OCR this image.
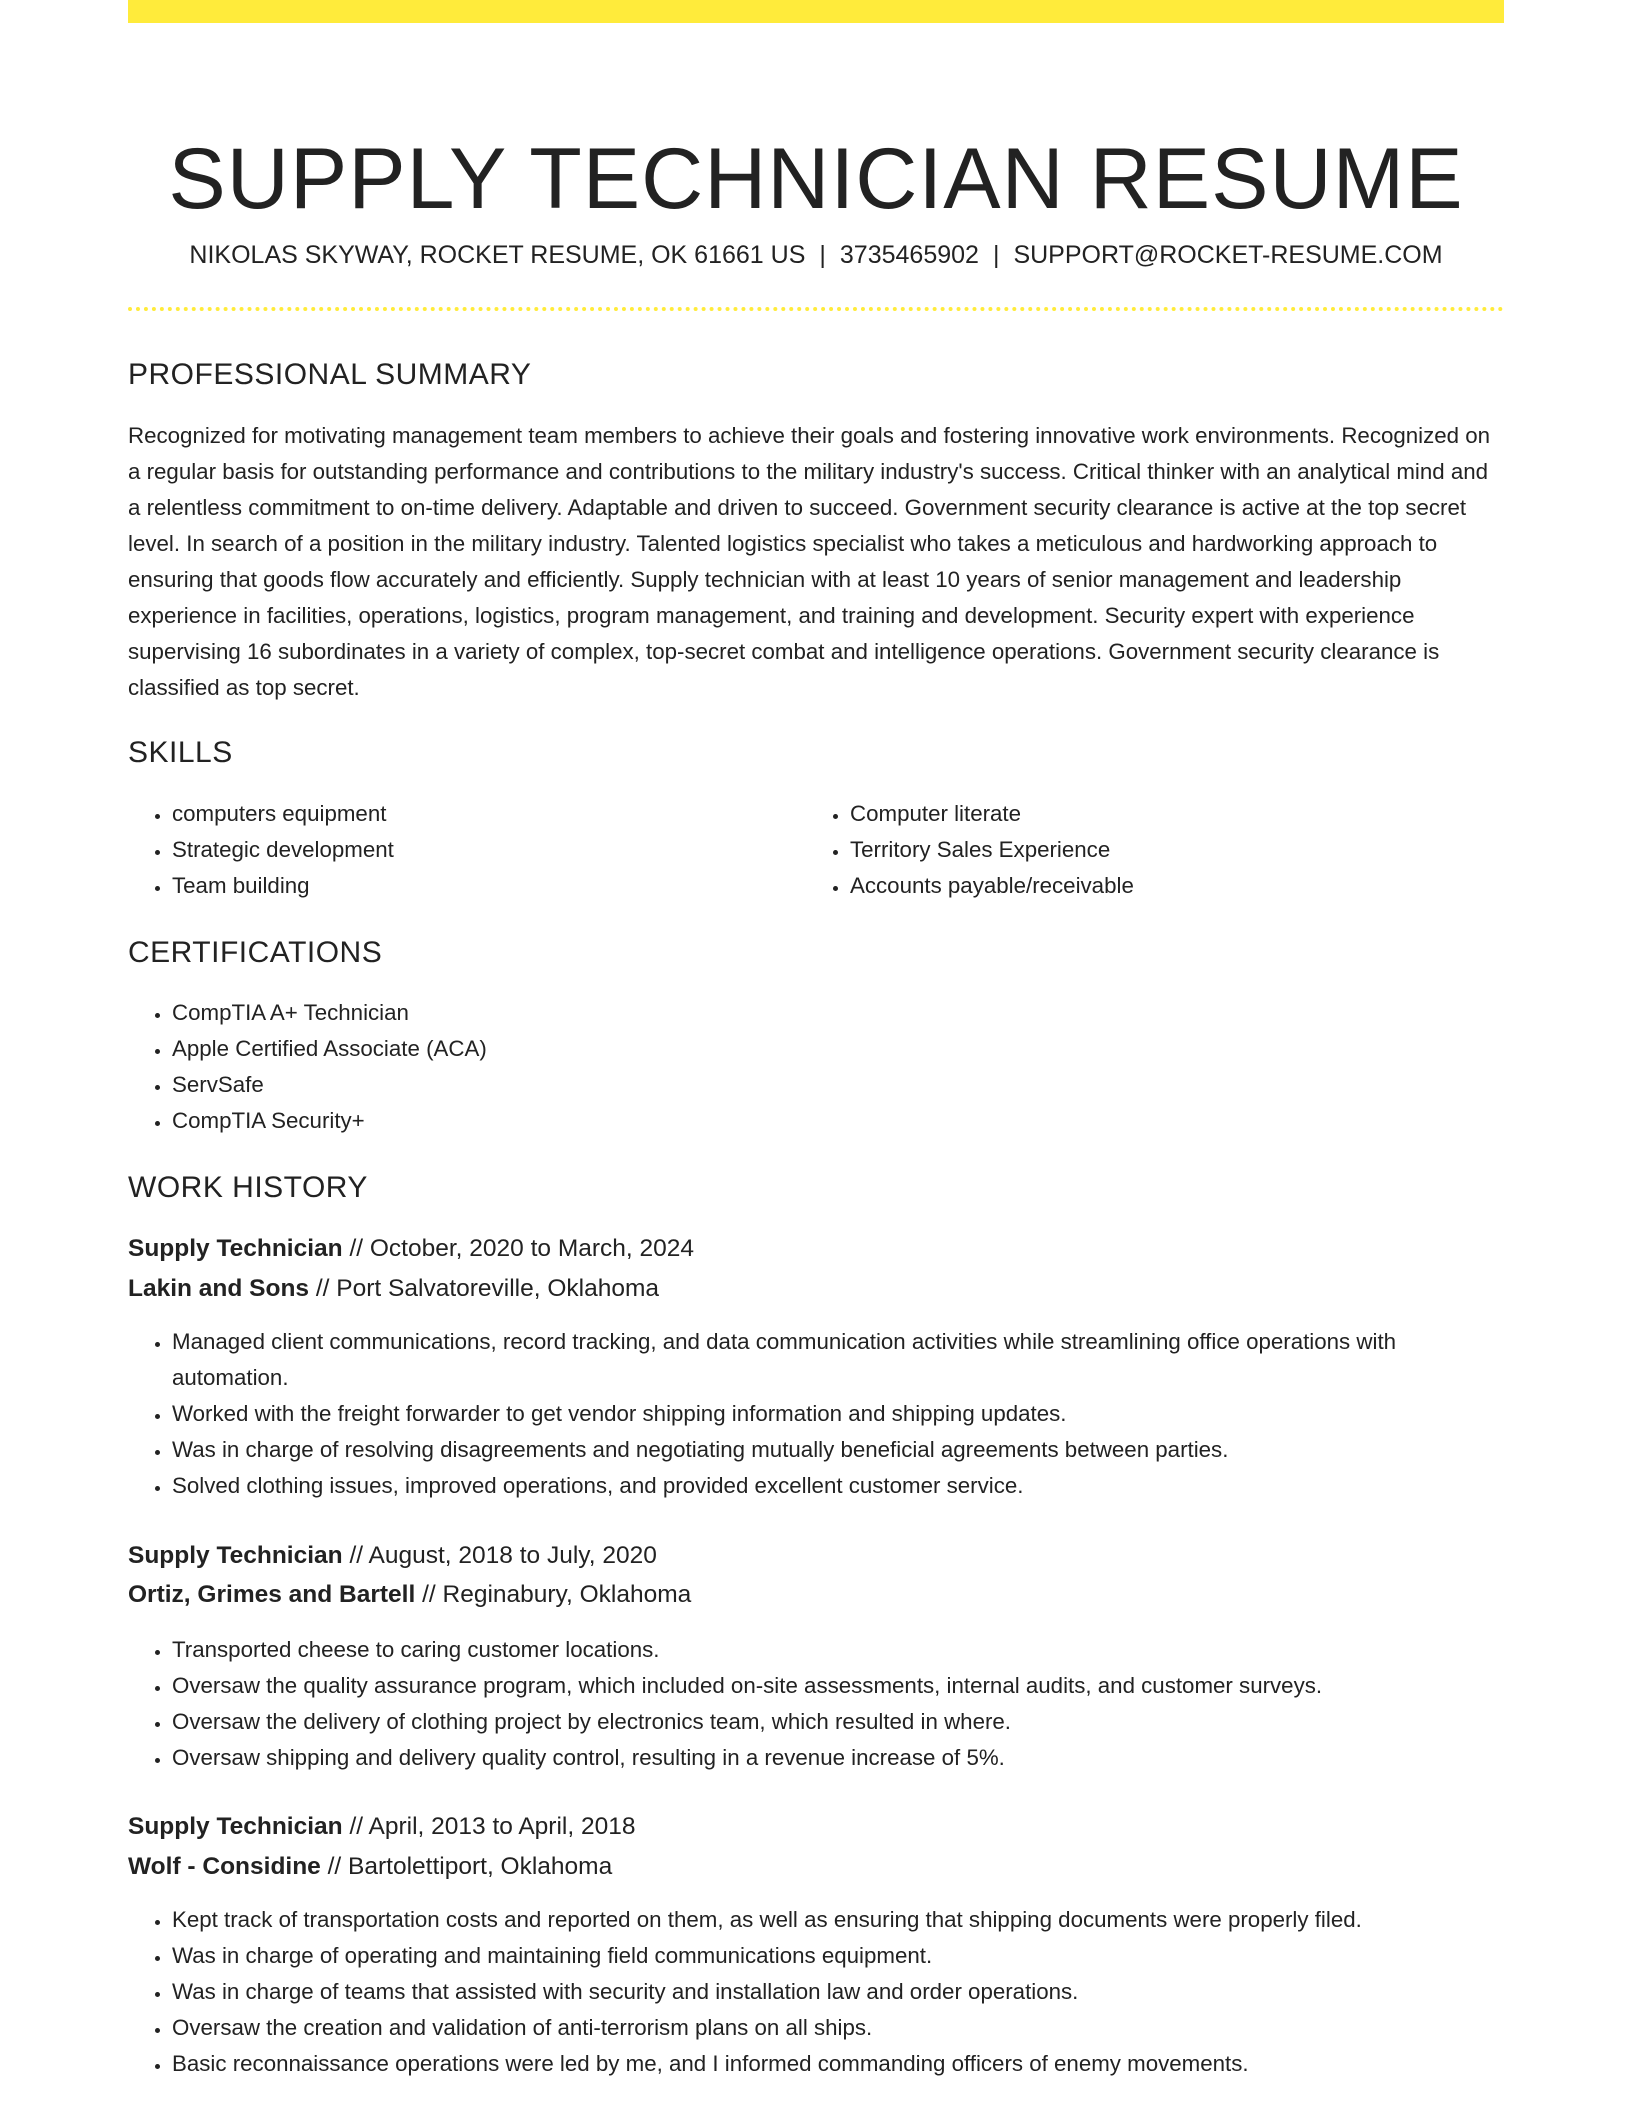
SUPPLY TECHNICIAN RESUME
NIKOLAS SKYWAY, ROCKET RESUME, OK 61661 US | 3735465902 | SUPPORT@ROCKET-RESUME.COM
PROFESSIONAL SUMMARY

Recognized for motivating management team members to achieve their goals and fostering innovative work environments. Recognized on a regular basis for outstanding performance and contributions to the military industry's success. Critical thinker with an analytical mind and a relentless commitment to on-time delivery. Adaptable and driven to succeed. Government security clearance is active at the top secret level. In search of a position in the military industry. Talented logistics specialist who takes a meticulous and hardworking approach to ensuring that goods flow accurately and efficiently. Supply technician with at least 10 years of senior management and leadership experience in facilities, operations, logistics, program management, and training and development. Security expert with experience supervising 16 subordinates in a variety of complex, top-secret combat and intelligence operations. Government security clearance is classified as top secret.

SKILLS
• computers equipment
• Strategic development
• Team building
• Computer literate
• Territory Sales Experience
• Accounts payable/receivable
CERTIFICATIONS
• CompTIA A+ Technician
• Apple Certified Associate (ACA)
• ServSafe
• CompTIA Security+
WORK HISTORY
Supply Technician // October, 2020 to March, 2024
Lakin and Sons // Port Salvatoreville, Oklahoma
• Managed client communications, record tracking, and data communication activities while streamlining office operations with automation.
• Worked with the freight forwarder to get vendor shipping information and shipping updates.
• Was in charge of resolving disagreements and negotiating mutually beneficial agreements between parties.
• Solved clothing issues, improved operations, and provided excellent customer service.
Supply Technician // August, 2018 to July, 2020
Ortiz, Grimes and Bartell // Reginabury, Oklahoma
• Transported cheese to caring customer locations.
• Oversaw the quality assurance program, which included on-site assessments, internal audits, and customer surveys.
• Oversaw the delivery of clothing project by electronics team, which resulted in where.
• Oversaw shipping and delivery quality control, resulting in a revenue increase of 5%.
Supply Technician // April, 2013 to April, 2018
Wolf - Considine // Bartolettiport, Oklahoma
• Kept track of transportation costs and reported on them, as well as ensuring that shipping documents were properly filed.
• Was in charge of operating and maintaining field communications equipment.
• Was in charge of teams that assisted with security and installation law and order operations.
• Oversaw the creation and validation of anti-terrorism plans on all ships.
• Basic reconnaissance operations were led by me, and I informed commanding officers of enemy movements.
